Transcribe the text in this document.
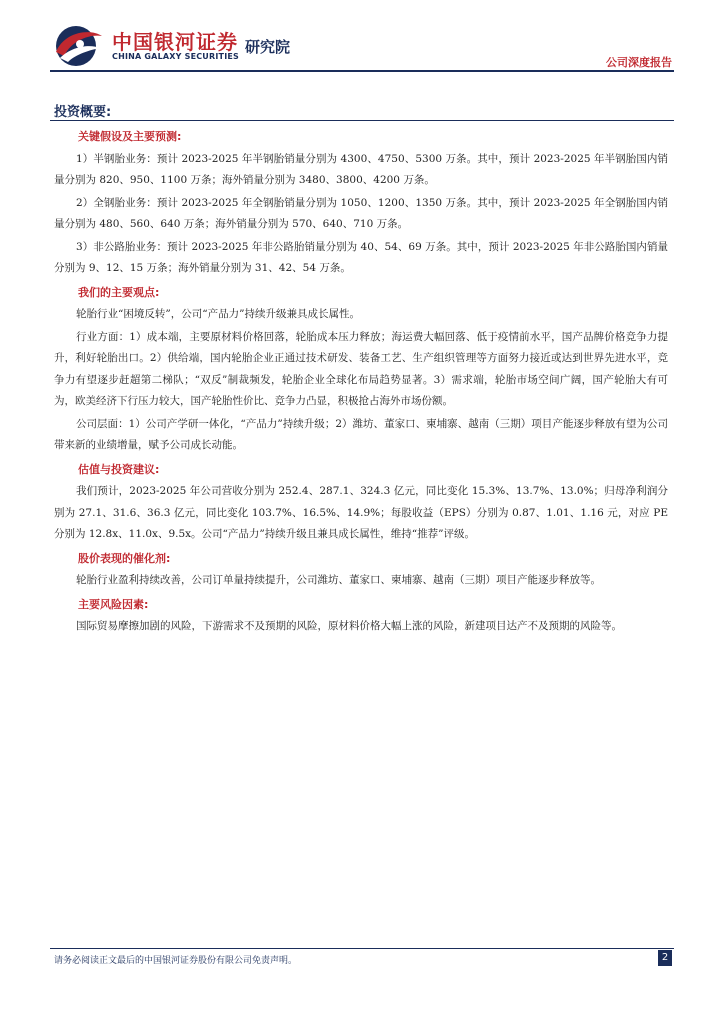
中国银河证券
CHINA GALAXY SECURITIES
研究院
公司深度报告
投资概要:
关键假设及主要预测:
1）半钢胎业务：预计 2023-2025 年半钢胎销量分别为 4300、4750、5300 万条。其中，预计 2023-2025 年半钢胎国内销量分别为 820、950、1100 万条；海外销量分别为 3480、3800、4200 万条。
2）全钢胎业务：预计 2023-2025 年全钢胎销量分别为 1050、1200、1350 万条。其中，预计 2023-2025 年全钢胎国内销量分别为 480、560、640 万条；海外销量分别为 570、640、710 万条。
3）非公路胎业务：预计 2023-2025 年非公路胎销量分别为 40、54、69 万条。其中，预计 2023-2025 年非公路胎国内销量分别为 9、12、15 万条；海外销量分别为 31、42、54 万条。
我们的主要观点:
轮胎行业“困境反转”，公司“产品力”持续升级兼具成长属性。
行业方面：1）成本端，主要原材料价格回落，轮胎成本压力释放；海运费大幅回落、低于疫情前水平，国产品牌价格竞争力提升，利好轮胎出口。2）供给端，国内轮胎企业正通过技术研发、装备工艺、生产组织管理等方面努力接近或达到世界先进水平，竞争力有望逐步赶超第二梯队；“双反”制裁频发，轮胎企业全球化布局趋势显著。3）需求端，轮胎市场空间广阔，国产轮胎大有可为，欧美经济下行压力较大，国产轮胎性价比、竞争力凸显，积极抢占海外市场份额。
公司层面：1）公司产学研一体化，“产品力”持续升级；2）潍坊、董家口、柬埔寨、越南（三期）项目产能逐步释放有望为公司带来新的业绩增量，赋予公司成长动能。
估值与投资建议:
我们预计，2023-2025 年公司营收分别为 252.4、287.1、324.3 亿元，同比变化 15.3%、13.7%、13.0%；归母净利润分别为 27.1、31.6、36.3 亿元，同比变化 103.7%、16.5%、14.9%；每股收益（EPS）分别为 0.87、1.01、1.16 元，对应 PE 分别为 12.8x、11.0x、9.5x。公司“产品力”持续升级且兼具成长属性，维持“推荐”评级。
股价表现的催化剂:
轮胎行业盈利持续改善，公司订单量持续提升，公司潍坊、董家口、柬埔寨、越南（三期）项目产能逐步释放等。
主要风险因素:
国际贸易摩擦加剧的风险，下游需求不及预期的风险，原材料价格大幅上涨的风险，新建项目达产不及预期的风险等。
请务必阅读正文最后的中国银河证券股份有限公司免责声明。	2
